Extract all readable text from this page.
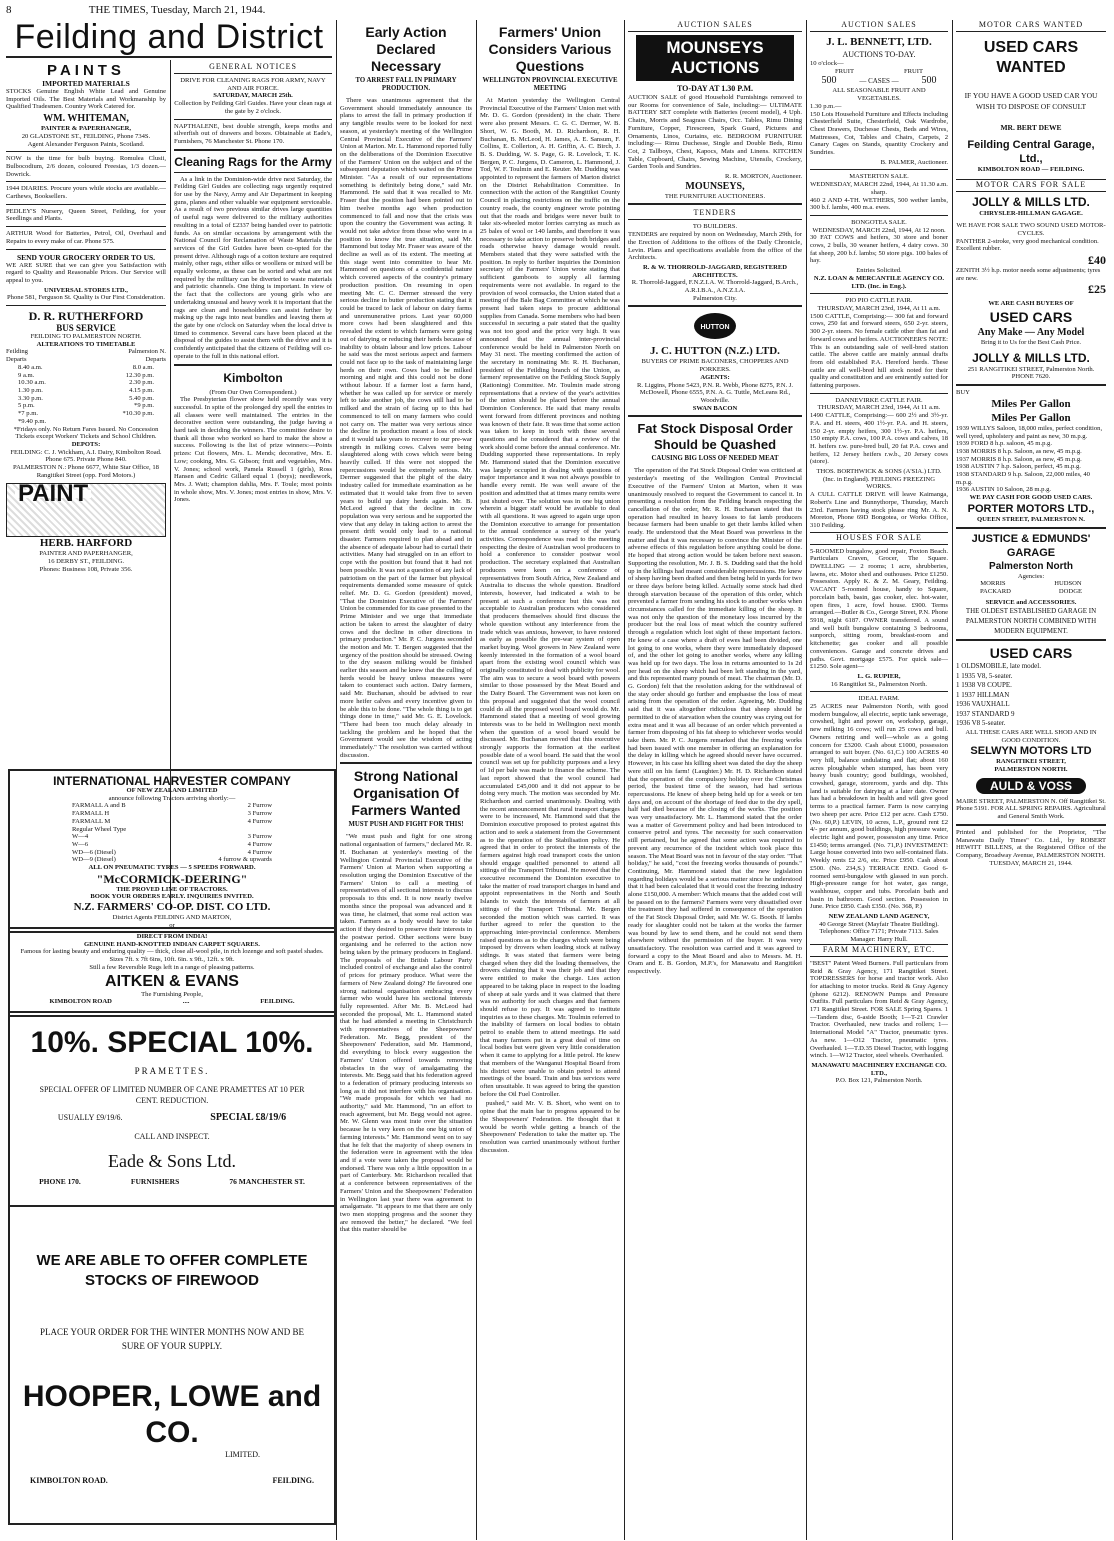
8	THE TIMES, Tuesday, March 21, 1944.
Feilding and District
PAINTS
IMPORTED MATERIALS

STOCKS Genuine English White Lead and Genuine Imported Oils. The Best Materials and Workmanship by Qualified Tradesmen. Country Work Catered for.

WM. WHITEMAN,
PAINTER & PAPERHANGER,
20 GLADSTONE ST., FEILDING, Phone 734S.
Agent Alexander Ferguson Paints, Scotland.

NOW is the time for bulb buying. Romulea Clusii, Bulbocodium, 2/6 dozen, coloured Freesias, 1/3 dozen.—Dowrick.

1944 DIARIES. Procure yours while stocks are available.—Carthews, Booksellers.

PEDLEY'S Nursery, Queen Street, Feilding, for your Seedlings and Plants.

ARTHUR Wood for Batteries, Petrol, Oil, Overhaul and Repairs to every make of car. Phone 575.

SEND YOUR GROCERY ORDER TO US.

WE ARE SURE that we can give you Satisfaction with regard to Quality and Reasonable Prices. Our Service will appeal to you.

UNIVERSAL STORES LTD.,
Phone 581, Ferguson St. Quality is Our First Consideration.
D. R. RUTHERFORD
BUS SERVICE
FEILDING TO PALMERSTON NORTH.
ALTERATIONS TO TIMETABLE
Feilding	Palmerston N.
Departs	Departs
8.40 a.m.	8.0 a.m.
9 a.m.	12.30 p.m.
10.30 a.m.	2.30 p.m.
1.30 p.m.	4.15 p.m.
3.30 p.m.	5.40 p.m.
5 p.m.	*9 p.m.
*7 p.m.	*10.30 p.m.
*9.40 p.m.
*Fridays only. No Return Fares Issued. No Concession Tickets except Workers' Tickets and School Children.
DEPOTS:
FEILDING: C. J. Wickham, A.I. Dairy, Kimbolton Road. Phone 675. Private Phone 840.
PALMERSTON N.: Phone 6677, White Star Office, 18 Rangitikei Street (opp. Ford Motors.)
PAINT
HERB. HARFORD
PAINTER AND PAPERHANGER,
16 DERBY ST., FEILDING.
Phones: Business 108, Private 356.
GENERAL NOTICES
DRIVE FOR CLEANING RAGS FOR ARMY, NAVY AND AIR FORCE.
SATURDAY, MARCH 25th.
Collection by Feilding Girl Guides. Have your clean rags at the gate by 2 o'clock.

NAPTHALENE, best double strength, keeps moths and silverfish out of drawers and boxes. Obtainable at Eade's, Furnishers, 76 Manchester St. Phone 170.

Cleaning Rags for the Army

As a link in the Dominion-wide drive next Saturday, the Feilding Girl Guides are collecting rags urgently required for use by the Navy, Army and Air Department in keeping guns, planes and other valuable war equipment serviceable. As a result of two previous similar drives large quantities of useful rags were delivered to the military authorities resulting in a total of £2337 being handed over to patriotic funds. As on similar occasions by arrangement with the National Council for Reclamation of Waste Materials the services of the Girl Guides have been co-opted for the present drive. Although rags of a cotton texture are required mainly, other rags, either silks or woollens or mixed will be equally welcome, as these can be sorted and what are not required by the military can be diverted to waste materials and patriotic channels. One thing is important. In view of the fact that the collectors are young girls who are undertaking unusual and heavy work it is important that the rags are clean and householders can assist further by making up the rags into neat bundles and leaving them at the gate by one o'clock on Saturday when the local drive is timed to commence. Several cars have been placed at the disposal of the guides to assist them with the drive and it is confidently anticipated that the citizens of Feilding will co-operate to the full in this national effort.

Kimbolton
(From Our Own Correspondent.)

The Presbyterian flower show held recently was very successful. In spite of the prolonged dry spell the entries in all classes were well maintained. The entries in the decorative section were outstanding, the judge having a hard task in deciding the winners. The committee desire to thank all those who worked so hard to make the show a success. Following is the list of prize winners:—Points prizes: Cut flowers, Mrs. L. Mends; decorative, Mrs. E. Low; cooking, Mrs. G. Gibson; fruit and vegetables, Mrs. V. Jones; school work, Pamela Russell 1 (girls), Ross Hansen and Cedric Gillard equal 1 (boys); needlework, Mrs. J. Watt; champion dahlia, Mrs. F. Toule; most points in whole show, Mrs. V. Jones; most entries in show, Mrs. V. Jones.

INTERNATIONAL HARVESTER COMPANY
OF NEW ZEALAND LIMITED
announce following Tractors arriving shortly:—
FARMALL A and B	2 Furrow
FARMALL H	3 Furrow
FARMALL M	4 Furrow
Regular Wheel Type
W—4	3 Furrow
W—6	4 Furrow
WD—6 (Diesel)	4 Furrow
WD—9 (Diesel)	4 furrow & upwards
ALL ON PNEUMATIC TYRES — 5 SPEEDS FORWARD.
"McCORMICK-DEERING"
THE PROVED LINE OF TRACTORS.
BOOK YOUR ORDERS EARLY. INQUIRIES INVITED.
N.Z. FARMERS' CO-OP. DIST. CO LTD.
District Agents FEILDING AND MARTON,
or
DIRECT FROM INDIA!
GENUINE HAND-KNOTTED INDIAN CARPET SQUARES.
Famous for lasting beauty and enduring quality — thick, close all-wool pile, in rich lozenge and soft pastel shades. Sizes 7ft. x 7ft 6ins, 10ft. 6in. x 9ft., 12ft. x 9ft.
Still a few Reversible Rugs left in a range of pleasing patterns.
AITKEN & EVANS
The Furnishing People,
KIMBOLTON ROAD	....	FEILDING.
10%. SPECIAL 10%.
PRAMETTES.
SPECIAL OFFER OF LIMITED NUMBER OF CANE PRAMETTES AT 10 PER CENT. REDUCTION.
USUALLY £9/19/6.	SPECIAL £8/19/6
CALL AND INSPECT.
Eade & Sons Ltd.
PHONE 170.	FURNISHERS	76 MANCHESTER ST.
WE ARE ABLE TO OFFER COMPLETE STOCKS OF FIREWOOD
PLACE YOUR ORDER FOR THE WINTER MONTHS NOW AND BE SURE OF YOUR SUPPLY.
HOOPER, LOWE and CO.
LIMITED.
KIMBOLTON ROAD.	FEILDING.
Early Action Declared Necessary
TO ARREST FALL IN PRIMARY PRODUCTION.

There was unanimous agreement that the Government should immediately announce its plans to arrest the fall in primary production if any tangible results were to be looked for next season, at yesterday's meeting of the Wellington Central Provincial Executive of the Farmers' Union at Marton. Mr. L. Hammond reported fully on the deliberations of the Dominion Executive of the Farmers' Union on the subject and of the subsequent deputation which waited on the Prime Minister. "As a result of our representations something is definitely being done," said Mr. Hammond. He said that it was recalled to Mr. Fraser that the position had been pointed out to him twelve months ago when production commenced to fall and now that the crisis was upon the country the Government was acting. It would not take advice from those who were in a position to know the true situation, said Mr. Hammond but today Mr. Fraser was aware of the decline as well as of its extent. The meeting at this stage went into committee to hear Mr. Hammond on questions of a confidential nature which covered aspects of the country's primary production position. On resuming in open meeting Mr. C. C. Dermer stressed the very serious decline in butter production stating that it could be traced to lack of labour on dairy farms and unremunerative prices. Last year 60,000 more cows had been slaughtered and this revealed the extent to which farmers were going out of dairying or reducing their herds because of inability to obtain labour and low prices. Labour he said was the most serious aspect and farmers could not face up to the task of maintaining large herds on their own. Cows had to be milked morning and night and this could not be done without labour. If a farmer lost a farm hand, whether he was called up for service or merely left to take another job, the cows still had to be milked and the strain of facing up to this had commenced to tell on many farmers who could not carry on. The matter was very serious since the decline in production meant a loss of stock and it would take years to recover to our pre-war strength in milking cows. Calves were being slaughtered along with cows which were being heavily culled. If this were not stopped the repercussions would be extremely serious. Mr. Dermer suggested that the plight of the dairy industry called for immediate examination as he estimated that it would take from five to seven years to build up dairy herds again. Mr. B. McLeod agreed that the decline in cow population was very serious and he supported the view that any delay in taking action to arrest the present drift would only lead to a national disaster. Farmers required to plan ahead and in the absence of adequate labour had to curtail their activities. Many had struggled on in an effort to cope with the position but found that it had not been possible. It was not a question of any lack of patriotism on the part of the farmer but physical requirements demanded some measure of quick relief. Mr. D. G. Gordon (president) moved, "That the Dominion Executive of the Farmers' Union be commended for its case presented to the Prime Minister and we urge that immediate action be taken to arrest the slaughter of dairy cows and the decline in other directions in primary production." Mr. P. C. Jurgens seconded the motion and Mr. T. Bergen suggested that the urgency of the position should be stressed. Owing to the dry season milking would be finished earlier this season and he knew that the culling of herds would be heavy unless measures were taken to counteract such action. Dairy farmers, said Mr. Buchanan, should be advised to rear more heifer calves and every incentive given to be able this to be done. "The whole thing is to get things done in time," said Mr. G. E. Lovelock. "There had been too much delay already in tackling the problem and he hoped that the Government would see the wisdom of acting immediately." The resolution was carried without discussion.

Strong National Organisation Of Farmers Wanted
MUST PUSH AND FIGHT FOR THIS!

"We must push and fight for one strong national organisation of farmers," declared Mr. R. H. Buchanan at yesterday's meeting of the Wellington Central Provincial Executive of the Farmers' Union at Marton when supporting a resolution urging the Dominion Executive of the Farmers' Union to call a meeting of representatives of all sectional interests to discuss proposals to this end. It is now nearly twelve months since the proposal was advanced and it was time, he claimed, that some real action was taken. Farmers as a body would have to take action if they desired to preserve their interests in the postwar period. Other sections were busy organising and he referred to the action now being taken by the primary producers in England. The proposals of the British Labour Party included control of exchange and also the control of prices for primary produce. What were the farmers of New Zealand doing? He favoured one strong national organisation embracing every farmer who would have his sectional interests fully represented. After Mr. B. McLeod had seconded the proposal, Mr. L. Hammond stated that he had attended a meeting in Christchurch with representatives of the Sheepowners' Federation. Mr. Begg, president of the Sheepowners' Federation, said Mr. Hammond, did everything to block every suggestion the Farmers' Union offered towards removing obstacles in the way of amalgamating the interests. Mr. Begg said that his federation agreed to a federation of primary producing interests so long as it did not interfere with his organisation. "We made proposals for which we had no authority," said Mr. Hammond, "in an effort to reach agreement, but Mr. Begg would not agree. Mr. W. Glenn was most irate over the situation because he is very keen on the one big union of farming interests." Mr. Hammond went on to say that he felt that the majority of sheep owners in the federation were in agreement with the idea and if a vote were taken the proposal would be endorsed. There was only a little opposition in a part of Canterbury. Mr. Richardson recalled that at a conference between representatives of the Farmers' Union and the Sheepowners' Federation in Wellington last year there was agreement to amalgamate. "It appears to me that there are only two men stopping progress and the sooner they are removed the better," he declared. "We feel that this matter should be

Farmers' Union Considers Various Questions
WELLINGTON PROVINCIAL EXECUTIVE MEETING

At Marton yesterday the Wellington Central Provincial Executive of the Farmers' Union met with Mr. D. G. Gordon (president) in the chair. There were also present Messrs. C. G. C. Dermer, W. B. Short, W. G. Booth, M. D. Richardson, R. H. Buchanan, B. McLeod, H. James, A. E. Sansum, F. Collins, E. Collerton, A. H. Griffin, A. C. Birch, J. B. S. Dudding, W. S. Page, G. R. Lovelock, T. K. Bergen, P. C. Jurgens, D. Cameron, L. Hammond, J. Tod, W. F. Toulmin and E. Reuter. Mr. Dudding was appointed to represent the farmers of Marton district on the District Rehabilitation Committee. In connection with the action of the Rangitikei County Council in placing restrictions on the traffic on the country roads, the county engineer wrote pointing out that the roads and bridges were never built to take six-wheeled motor lorries carrying as much as 25 bales of wool or 140 lambs, and therefore it was necessary to take action to preserve both bridges and roads otherwise heavy damage would result. Members stated that they were satisfied with the position. In reply to further inquiries the Dominion secretary of the Farmers' Union wrote stating that sufficient gumboots to supply all farming requirements were not available. In regard to the provision of wool cornsacks, the Union stated that a meeting of the Bale Bag Committee at which he was present had taken steps to procure additional supplies from Canada. Some members who had been successful in securing a pair stated that the quality was not too good and the price very high. It was announced that the annual inter-provincial conference would be held in Palmerston North on May 31 next. The meeting confirmed the action of the secretary in nominating Mr. R. H. Buchanan, president of the Feilding branch of the Union, as farmers' representative on the Feilding Stock Supply (Rationing) Committee. Mr. Toulmin made strong representations that a review of the year's activities of the union should be placed before the annual Dominion Conference. He said that many results went forward from different provinces and nothing was known of their fate. It was time that some action was taken to keep in touch with these several questions and he considered that a review of the work should come before the annual conference. Mr. Dudding supported these representations. In reply Mr. Hammond stated that the Dominion executive was largely occupied in dealing with questions of major importance and it was not always possible to handle every remit. He was well aware of the position and admitted that at times many remits were just shuted over. The solution was in one big union wherein a bigger staff would be available to deal with all questions. It was agreed to again urge upon the Dominion executive to arrange for presentation to the annual conference a survey of the year's activities. Correspondence was read to the meeting respecting the desire of Australian wool producers to hold a conference to consider postwar wool production. The secretary explained that Australian producers were keen on a conference of representatives from South Africa, New Zealand and Australia to discuss the whole question. Bradford interests, however, had indicated a wish to be present at such a conference but this was not acceptable to Australian producers who considered that producers themselves should first discuss the whole question without any interference from the trade which was anxious, however, to have restored as early as possible the pre-war system of open market buying. Wool growers in New Zealand were keenly interested in the formation of a wool board apart from the existing wool council which was originally constituted to deal with publicity for wool. The aim was to secure a wool board with powers similar to those possessed by the Meat Board and the Dairy Board. The Government was not keen on this proposal and suggested that the wool council could do all the proposed wool board would do. Mr. Hammond stated that a meeting of wool growing interests was to be held in Wellington next month when the question of a wool board would be discussed. Mr. Buchanan moved that this executive strongly supports the formation at the earliest possible date of a wool board. He said that the wool council was set up for publicity purposes and a levy of 1d per bale was made to finance the scheme. The last report showed that the wool council had accumulated £45,000 and it did not appear to be doing very much. The motion was seconded by Mr. Richardson and carried unanimously. Dealing with the recent announcement that rural transport charges were to be increased, Mr. Hammond said that the Dominion executive proposed to protest against this action and to seek a statement from the Government as to the operation of the Stabilisation policy. He agreed that in order to protect the interests of the farmers against high road transport costs the union should engage qualified personnel to attend all sittings of the Transport Tribunal. He moved that the executive recommend the Dominion executive to take the matter of road transport charges in hand and appoint representatives in the North and South Islands to watch the interests of farmers at all sittings of the Transport Tribunal. Mr. Bergen seconded the motion which was carried. It was further agreed to refer the question to the approaching inter-provincial conference. Members raised questions as to the charges which were being imposed by drovers when loading stock at railway sidings. It was stated that farmers were being charged when they did the loading themselves, the drovers claiming that it was their job and that they were entitled to make the charge. Lies action appeared to be taking place in respect to the loading of sheep at sale yards and it was claimed that there was no authority for such charges and that farmers should refuse to pay. It was agreed to institute inquiries as to these charges. Mr. Toulmin referred to the inability of farmers on local bodies to obtain petrol to enable them to attend meetings. He said that many farmers put in a great deal of time on local bodies but were given very little consideration when it came to applying for a little petrol. He knew that members of the Wanganui Hospital Board from his district were unable to obtain petrol to attend meetings of the board. Train and bus services were often unsuitable. It was agreed to bring the question before the Oil Fuel Controller.

pushed," said Mr. V. B. Short, who went on to opine that the main bar to progress appeared to be the Sheepowners' Federation. He thought that it would be worth while getting a branch of the Sheepowners' Federation to take the matter up. The resolution was carried unanimously without further discussion.

AUCTION SALES
MOUNSEYS AUCTIONS
TO-DAY AT 1.30 P.M.

AUCTION SALE of good Household Furnishings removed to our Rooms for convenience of Sale, including:— ULTIMATE BATTERY SET complete with Batteries (recent model), 4 Uph. Chairs, Morris and Seagrass Chairs, Occ. Tables, Rimu Dining Furniture, Copper, Firescreen, Spark Guard, Pictures and Ornaments, Linos, Curtains, etc. BEDROOM FURNITURE including:— Rimu Duchesse, Single and Double Beds, Rimu Cot, 2 Tallboys, Chest, Kapocs, Mats and Linens. KITCHEN Table, Cupboard, Chairs, Sewing Machine, Utensils, Crockery, Garden Tools and Sundries.

R. R. MORTON, Auctioneer.
MOUNSEYS,
THE FURNITURE AUCTIONEERS.
TENDERS
TO BUILDERS.

TENDERS are required by noon on Wednesday, March 29th, for the Erection of Additions to the offices of the Daily Chronicle, Levin. Plans and specifications available from the office of the Architects.

R. & W. THORROLD-JAGGARD, REGISTERED ARCHITECTS.
R. Thorrold-Jaggard, F.N.Z.I.A. W. Thorrold-Jaggard, B.Arch., A.R.I.B.A., A.N.Z.I.A.
Palmerston City.
HUTTON
J. C. HUTTON (N.Z.) LTD.
BUYERS OF PRIME BACONERS, CHOPPERS AND PORKERS.
AGENTS:
R. Liggins, Phone 5423, P.N. R. Webb, Phone 8275, P.N. J. McDowell, Phone 6555, P.N. A. G. Tuttle, McLeans Rd., Woodville.
SWAN BACON
Fat Stock Disposal Order Should be Quashed
CAUSING BIG LOSS OF NEEDED MEAT

The operation of the Fat Stock Disposal Order was criticised at yesterday's meeting of the Wellington Central Provincial Executive of the Farmers' Union at Marton, when it was unanimously resolved to request the Government to cancel it. In presenting a resolution from the Feilding branch respecting the cancellation of the order, Mr. R. H. Buchanan stated that its operation had resulted in heavy losses to fat lamb producers because farmers had been unable to get their lambs killed when ready. He understood that the Meat Board was powerless in the matter and that it was necessary to convince the Minister of the adverse effects of this regulation before anything could be done. He hoped that strong action would be taken before next season. Supporting the resolution, Mr. J. B. S. Dudding said that the hold up in the killings had meant considerable repercussions. He knew of sheep having been drafted and then being held in yards for two or three days before being killed. Actually some stock had died through starvation because of the operation of this order, which prevented a farmer from sending his stock to another works when circumstances called for the immediate killing of the sheep. It was not only the question of the monetary loss incurred by the producer but the real loss of meat which the country suffered through a regulation which lost sight of these important factors. He knew of a case where a draft of ewes had been divided, one lot going to one works, where they were immediately disposed of, and the other lot going to another works, where any killing was held up for two days. The loss in returns amounted to 1s 2d per head on the sheep which had been left standing in the yard, and this represented many pounds of meat. The chairman (Mr. D. G. Gordon) felt that the resolution asking for the withdrawal of the stay order should go further and emphasise the loss of meat arising from the operation of the order. Agreeing, Mr. Dudding said that it was altogether ridiculous that sheep should be permitted to die of starvation when the country was crying out for extra meat and it was all because of an order which prevented a farmer from disposing of his fat sheep to whichever works would take them. Mr. P. C. Jurgens remarked that the freezing works had been issued with one member in offering an explanation for the delay in killing which he agreed should never have occurred. However, in his case his killing sheet was dated the day the sheep were still on his farm! (Laughter.) Mr. H. D. Richardson stated that the operation of the compulsory holiday over the Christmas period, the busiest time of the season, had had serious repercussions. He knew of sheep being held up for a week or ten days and, on account of the shortage of feed due to the dry spell, half had died because of the closing of the works. The position was very unsatisfactory. Mr. L. Hammond stated that the order was a matter of Government policy and had been introduced to conserve petrol and tyres. The necessity for such conservation still pertained, but he agreed that some action was required to prevent any recurrence of the incident which took place this season. The Meat Board was not in favour of the stay order. "That holiday," he said, "cost the freezing works thousands of pounds." Continuing, Mr. Hammond stated that the new legislation regarding holidays would be a serious matter since he understood that it had been calculated that it would cost the freezing industry alone £150,000. A member: Which means that the added cost will be passed on to the farmers? Farmers were very dissatisfied over the treatment they had suffered in consequence of the operation of the Fat Stock Disposal Order, said Mr. W. G. Booth. If lambs ready for slaughter could not be taken at the works the farmer was bound by law to send them, and he could not send them elsewhere without the permission of the buyer. It was very unsatisfactory. The resolution was carried and it was agreed to forward a copy to the Meat Board and also to Messrs. M. H. Oram and E. B. Gordon, M.P.'s, for Manawatu and Rangitikei respectively.

AUCTION SALES
J. L. BENNETT, LTD.
AUCTIONS TO-DAY.
10 o'clock—
FRUIT	FRUIT
500	— CASES — 500
ALL SEASONABLE FRUIT AND VEGETABLES.
1.30 p.m.—

150 Lots Household Furniture and Effects including Chesterfield Suite, Chesterfield, Oak Wardrobe, Chest Drawers, Duchesse Chests, Beds and Wires, Mattresses, Cot, Tables and Chairs, Carpets, 2 Canary Cages on Stands, quantity Crockery and Sundries.

B. PALMER, Auctioneer.
MASTERTON SALE.
WEDNESDAY, MARCH 22nd, 1944, At 11.30 a.m. sharp.

460 2 AND 4-TH. WETHERS, 500 wether lambs, 300 b.f. lambs, 400 m.a. ewes.

BONGOTEA SALE.
WEDNESDAY, MARCH 22nd, 1944, At 12 noon.

30 FAT COWS and heifers, 30 store and boner cows, 2 bulls, 30 weaner heifers, 4 dairy cows. 30 fat sheep, 200 b.f. lambs; 50 store pigs. 100 bales of hay.

Entries Solicited.
N.Z. LOAN & MERCANTILE AGENCY CO. LTD. (Inc. in Eng.).
PIO PIO CATTLE FAIR.
THURSDAY, MARCH 23rd, 1944, At 11 a.m.

1500 CATTLE, Comprising:— 300 fat and forward cows, 250 fat and forward steers, 650 2-yr. steers, 300 2-yr. steers. No female cattle other than fat and forward cows and heifers. AUCTIONEER'S NOTE: This is an outstanding sale of well-bred station cattle. The above cattle are mainly annual drafts from old established P.A. Hereford herds. These cattle are all well-bred hill stock noted for their quality and constitution and are eminently suited for fattening purposes.

DANNEVIRKE CATTLE FAIR.
THURSDAY, MARCH 23rd, 1944, At 11 a.m.

1490 CATTLE, Comprising:— 600 2½ and 3½-yr. P.A. and H. steers, 400 1½-yr. P.A. and H. steers, 150 2-yr. empty heifers, 300 1½-yr. P.A. heifers, 150 empty P.A. cows, 100 P.A. cows and calves, 18 H. heifers r.w. pure-bred bull, 20 fat P.A. cows and heifers, 12 Jersey heifers r.w.b., 20 Jersey cows (store).

THOS. BORTHWICK & SONS (A'SIA.) LTD. (Inc. in England). FEILDING FREEZING WORKS.

A CULL CATTLE DRIVE will leave Kaimanga, Robert's Line and Bunnythorpe, Thursday, March 23rd. Farmers having stock please ring Mr. A. N. Moreton, Phone 69D Bongotea, or Works Office, 310 Feilding.

HOUSES FOR SALE

5-ROOMED bungalow, good repair, Foxton Beach. Particulars Craven, Grocer, The Square. DWELLING — 2 rooms; 1 acre, shrubberies, lawns, etc. Motor shed and outhouses. Price £1250. Possession. Apply K. & Z. M. Geary, Feilding. VACANT 5-roomed house, handy to Square, porcelain bath, basin, gas cooker, elec. hot-water, open fires, 1 acre, fowl house. £900. Terms arranged.—Butler & Co., George Street, P.N. Phone 5918, night 6187. OWNER transferred. A sound and well built bungalow containing 3 bedrooms, sunporch, sitting room, breakfast-room and kitchenette; gas cooker and all possible conveniences. Garage and concrete drives and paths. Govt. mortgage £575. For quick sale—£1250. Sole agent—

L. G. RUPIER,
16 Rangitikei St., Palmerston North.
IDEAL FARM.

25 ACRES near Palmerston North, with good modern bungalow, all electric, septic tank sewerage, cowshed, light and power on, workshop, garage, new milking 16 cows; will run 25 cows and bull. Owners retiring and well—whole as a going concern for £3200. Cash about £1000, possession arranged to suit buyer. (No. 61,C.) 100 ACRES 40 very hill, balance undulating and flat; about 160 acres ploughable when stumped, has been very heavy bush country; good buildings, woolshed, cowshed, garage, storeroom, yards and dip. This land is suitable for dairying at a later date. Owner has had a breakdown in health and will give good terms to a practical farmer. Farm is now carrying two sheep per acre. Price £12 per acre. Cash £750. (No. 60,P.) LEVIN, 10 acres, L.P., ground rent £2 4/- per annum, good buildings, high pressure water, electric light and power, possession any time. Price £1450; terms arranged. (No. 71,P.) INVESTMENT: Large house converted into two self-contained flats. Weekly rents £2 2/6, etc. Price £950. Cash about £500. (No. 234,S.) TERRACE END. Good 6-roomed semi-bungalow with glassed in sun porch. High-pressure range for hot water, gas range, washhouse, copper and tubs. Porcelain bath and basin in bathroom. Good section. Possession in June. Price £850. Cash £350. (No. 368, P.)

NEW ZEALAND LAND AGENCY,
40 George Street (Mayfair Theatre Building). Telephones: Office 7171; Private 7113. Sales Manager: Harry Hull.
FARM MACHINERY, ETC.

"BEST" Patent Weed Burners. Full particulars from Reid & Gray Agency, 171 Rangitikei Street. TOPDRESSERS for horse and tractor work. Also for attaching to motor trucks. Reid & Gray Agency (phone 6212). RENOWN Pumps and Pressure Outfits. Full particulars from Reid & Gray Agency, 171 Rangitikei Street. FOR SALE Spring Spares. 1—Tandem disc, 6-aside Booth; 1—T-21 Crawler Tractor. Overhauled, new tracks and rollers; 1—International Model "A" Tractor, pneumatic tyres. As new. 1—O12 Tractor, pneumatic tyres. Overhauled. 1—T.D.35 Diesel Tractor, with logging winch. 1—W12 Tractor, steel wheels. Overhauled.

MANAWATU MACHINERY EXCHANGE CO. LTD.,
P.O. Box 121, Palmerston North.
MOTOR CARS WANTED
USED CARS
WANTED
IF YOU HAVE A GOOD USED CAR YOU WISH TO DISPOSE OF CONSULT
MR. BERT DEWE
Feilding Central Garage, Ltd.,
KIMBOLTON ROAD — FEILDING.
MOTOR CARS FOR SALE
JOLLY & MILLS LTD.
CHRYSLER-HILLMAN GAGAGE.
WE HAVE FOR SALE TWO SOUND USED MOTOR-CYCLES.
PANTHER 2-stroke, very good mechanical condition. Excellent rubber.
£40
ZENITH 3½ h.p. motor needs some adjustments; tyres are new.
£25
WE ARE CASH BUYERS OF
USED CARS
Any Make — Any Model
Bring it to Us for the Best Cash Price.
JOLLY & MILLS LTD.
251 RANGITIKEI STREET, Palmerston North. PHONE 7620.
BUY
Miles Per Gallon
Miles Per Gallon
1939 WILLYS Saloon, 18,000 miles, perfect condition, well tyred, upholstery and paint as new, 30 m.p.g.
1939 FORD 8 h.p. saloon, 45 m.p.g.
1938 MORRIS 8 h.p. Saloon, as new, 45 m.p.g.
1937 MORRIS 8 h.p. Saloon, as new, 45 m.p.g.
1938 AUSTIN 7 h.p. Saloon, perfect, 45 m.p.g.
1938 STANDARD 9 h.p. Saloon, 22,000 miles, 40 m.p.g.
1936 AUSTIN 10 Saloon, 28 m.p.g.
WE PAY CASH FOR GOOD USED CARS.
PORTER MOTORS LTD.,
QUEEN STREET, PALMERSTON N.
JUSTICE & EDMUNDS' GARAGE
Palmerston North
Agencies:
MORRIS	HUDSON
PACKARD	DODGE
SERVICE and ACCESSORIES.
THE OLDEST ESTABLISHED GARAGE IN PALMERSTON NORTH COMBINED WITH MODERN EQUIPMENT.
USED CARS
1 OLDSMOBILE, late model.
1 1935 V8, 5-seater.
1 1938 V8 COUPE.
1 1937 HILLMAN
1936 VAUXHALL
1937 STANDARD 9
1936 V8 5-seater.
ALL THESE CARS ARE WELL SHOD AND IN GOOD CONDITION.
SELWYN MOTORS LTD
RANGITIKEI STREET,
PALMERSTON NORTH.
AULD & VOSS
MAIRE STREET, PALMERSTON N. Off Rangitikei St. Phone 5191. FOR ALL SPRING REPAIRS. Agricultural and General Smith Work.
Printed and published for the Proprietor, "The Manawatu Daily Times" Co. Ltd., by ROBERT HEWITT BILLENS, at the Registered Office of the Company, Broadway Avenue, PALMERSTON NORTH.
TUESDAY, MARCH 21, 1944.
